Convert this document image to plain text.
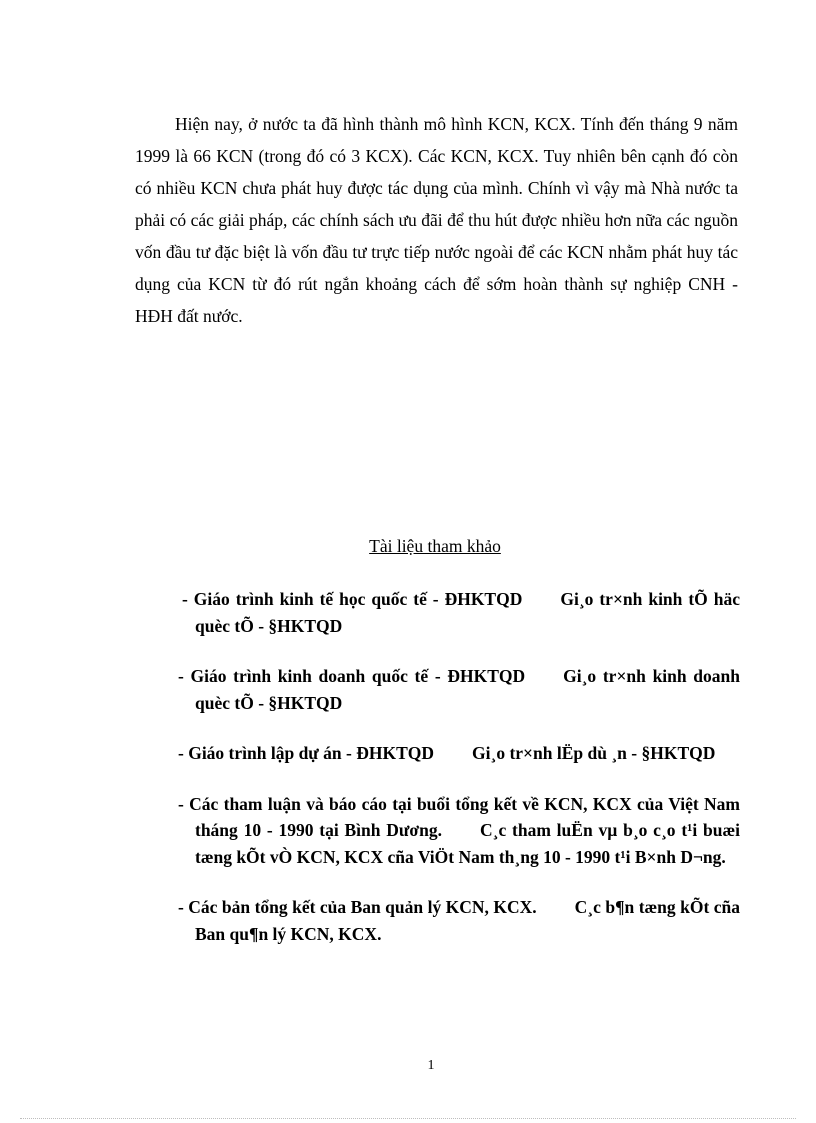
Hiện nay, ở nước ta đã hình thành mô hình KCN, KCX. Tính đến tháng 9 năm 1999 là 66 KCN (trong đó có 3 KCX). Các KCN, KCX. Tuy nhiên bên cạnh đó còn có nhiều KCN chưa phát huy được tác dụng của mình. Chính vì vậy mà Nhà nước ta phải có các giải pháp, các chính sách ưu đãi để thu hút được nhiều hơn nữa các nguồn vốn đầu tư đặc biệt là vốn đầu tư trực tiếp nước ngoài để các KCN nhằm phát huy tác dụng của KCN từ đó rút ngắn khoảng cách để sớm hoàn thành sự nghiệp CNH - HĐH đất nước.

Tài liệu tham khảo

- Giáo trình kinh tế học quốc tế - ĐHKTQD Gi¸o tr×nh kinh tÕ häc quèc tÕ - §HKTQD
- Giáo trình kinh doanh quốc tế - ĐHKTQD Gi¸o tr×nh kinh doanh quèc tÕ - §HKTQD
- Giáo trình lập dự án - ĐHKTQD Gi¸o tr×nh lËp dù ¸n - §HKTQD
- Các tham luận và báo cáo tại buổi tổng kết về KCN, KCX của Việt Nam tháng 10 - 1990 tại Bình Dương. C¸c tham luËn vµ b¸o c¸o t¹i buæi tæng kÕt vÒ KCN, KCX cña ViÖt Nam th¸ng 10 - 1990 t¹i B×nh D¬ng.
- Các bản tổng kết của Ban quản lý KCN, KCX. C¸c b¶n tæng kÕt cña Ban qu¶n lý KCN, KCX.

1
